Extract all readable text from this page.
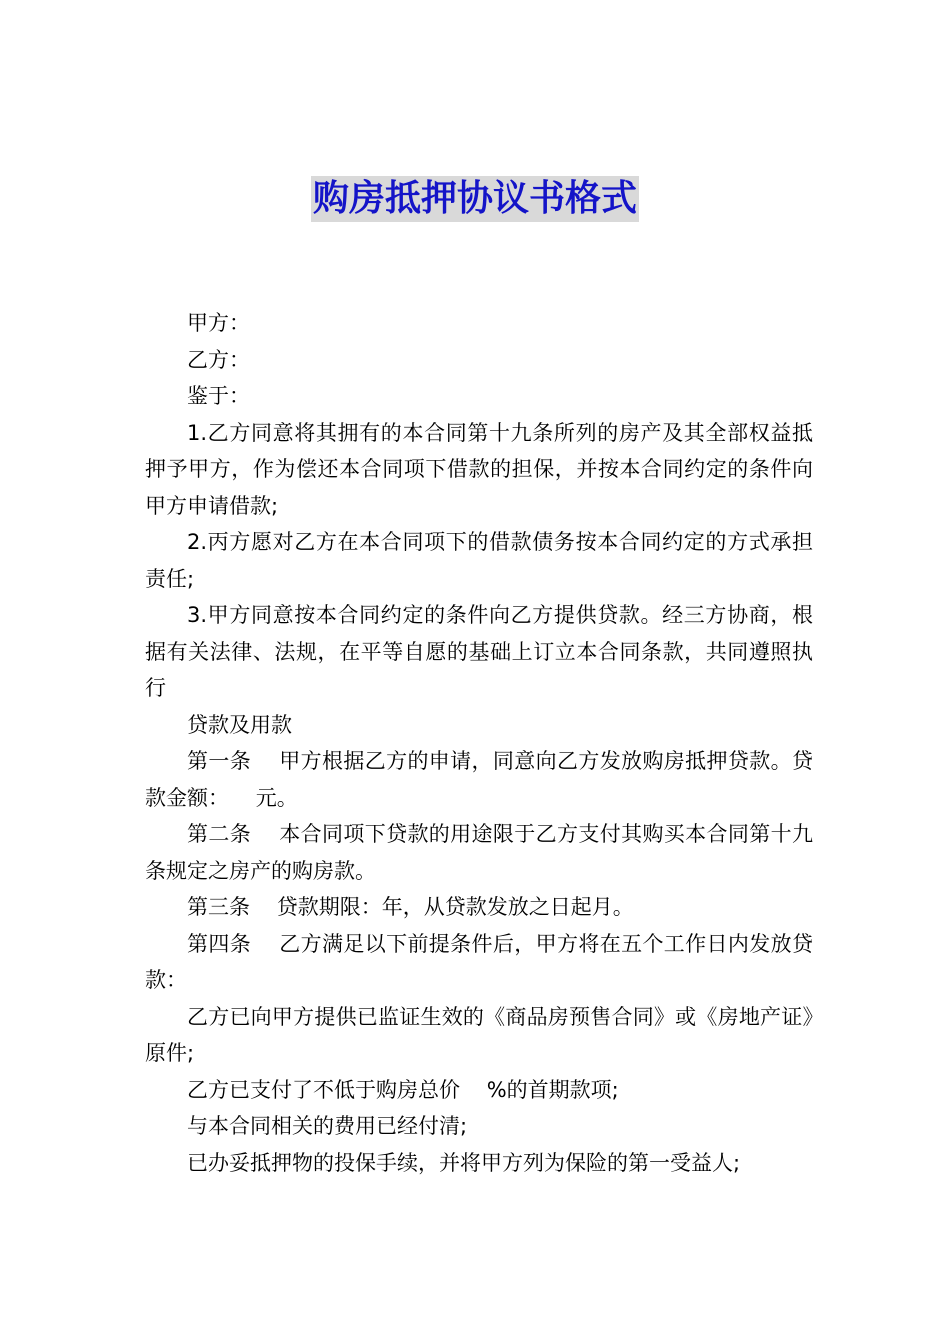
购房抵押协议书格式

甲方：

乙方：

鉴于：

1.乙方同意将其拥有的本合同第十九条所列的房产及其全部权益抵押予甲方，作为偿还本合同项下借款的担保，并按本合同约定的条件向甲方申请借款;

2.丙方愿对乙方在本合同项下的借款债务按本合同约定的方式承担责任;

3.甲方同意按本合同约定的条件向乙方提供贷款。经三方协商，根据有关法律、法规，在平等自愿的基础上订立本合同条款，共同遵照执行

贷款及用款

第一条    甲方根据乙方的申请，同意向乙方发放购房抵押贷款。贷款金额：    元。

第二条    本合同项下贷款的用途限于乙方支付其购买本合同第十九条规定之房产的购房款。

第三条    贷款期限：年，从贷款发放之日起月。

第四条    乙方满足以下前提条件后，甲方将在五个工作日内发放贷款：

乙方已向甲方提供已监证生效的《商品房预售合同》或《房地产证》原件;

乙方已支付了不低于购房总价    %的首期款项;

与本合同相关的费用已经付清;

已办妥抵押物的投保手续，并将甲方列为保险的第一受益人;
